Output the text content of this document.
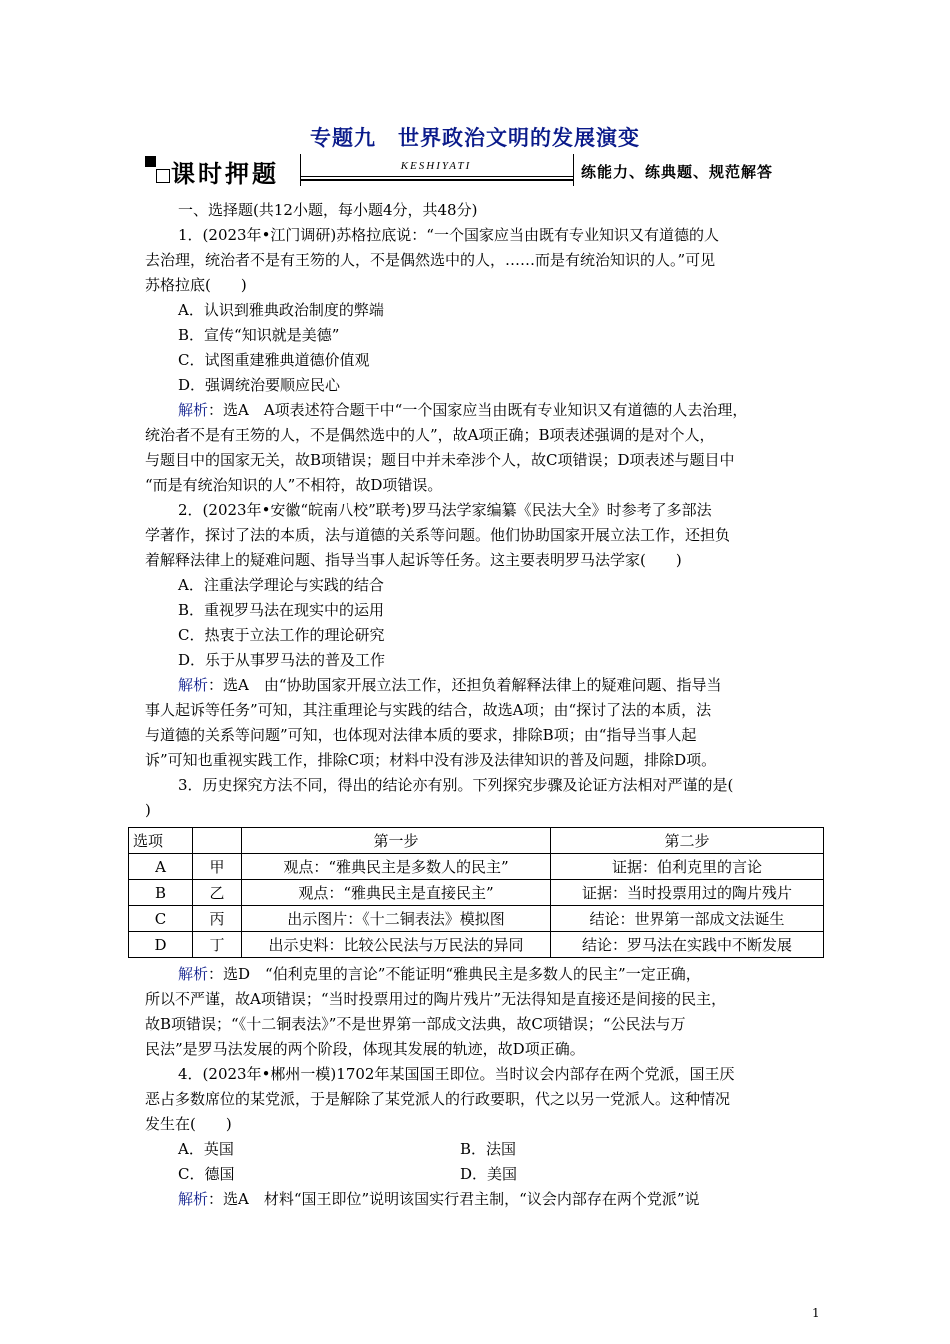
专题九　世界政治文明的发展演变
课时押题	KESHIYATI	练能力、练典题、规范解答
一、选择题(共12小题，每小题4分，共48分)
1．(2023年•江门调研)苏格拉底说：“一个国家应当由既有专业知识又有道德的人
去治理，统治者不是有王笏的人，不是偶然选中的人，……而是有统治知识的人。”可见
苏格拉底(　　)
A．认识到雅典政治制度的弊端
B．宣传“知识就是美德”
C．试图重建雅典道德价值观
D．强调统治要顺应民心
解析：选A　A项表述符合题干中“一个国家应当由既有专业知识又有道德的人去治理，
统治者不是有王笏的人，不是偶然选中的人”，故A项正确；B项表述强调的是对个人，
与题目中的国家无关，故B项错误；题目中并未牵涉个人，故C项错误；D项表述与题目中
“而是有统治知识的人”不相符，故D项错误。
2．(2023年•安徽“皖南八校”联考)罗马法学家编纂《民法大全》时参考了多部法
学著作，探讨了法的本质，法与道德的关系等问题。他们协助国家开展立法工作，还担负
着解释法律上的疑难问题、指导当事人起诉等任务。这主要表明罗马法学家(　　)
A．注重法学理论与实践的结合
B．重视罗马法在现实中的运用
C．热衷于立法工作的理论研究
D．乐于从事罗马法的普及工作
解析：选A　由“协助国家开展立法工作，还担负着解释法律上的疑难问题、指导当
事人起诉等任务”可知，其注重理论与实践的结合，故选A项；由“探讨了法的本质，法
与道德的关系等问题”可知，也体现对法律本质的要求，排除B项；由“指导当事人起
诉”可知也重视实践工作，排除C项；材料中没有涉及法律知识的普及问题，排除D项。
3．历史探究方法不同，得出的结论亦有别。下列探究步骤及论证方法相对严谨的是(
)
选项		第一步	第二步
A	甲	观点：“雅典民主是多数人的民主”	证据：伯利克里的言论
B	乙	观点：“雅典民主是直接民主”	证据：当时投票用过的陶片残片
C	丙	出示图片：《十二铜表法》模拟图	结论：世界第一部成文法诞生
D	丁	出示史料：比较公民法与万民法的异同	结论：罗马法在实践中不断发展
解析：选D　“伯利克里的言论”不能证明“雅典民主是多数人的民主”一定正确，
所以不严谨，故A项错误；“当时投票用过的陶片残片”无法得知是直接还是间接的民主，
故B项错误；“《十二铜表法》”不是世界第一部成文法典，故C项错误；“公民法与万
民法”是罗马法发展的两个阶段，体现其发展的轨迹，故D项正确。
4．(2023年•郴州一模)1702年某国国王即位。当时议会内部存在两个党派，国王厌
恶占多数席位的某党派，于是解除了某党派人的行政要职，代之以另一党派人。这种情况
发生在(　　)
A．英国	B．法国
C．德国	D．美国
解析：选A　材料“国王即位”说明该国实行君主制，“议会内部存在两个党派”说
1
